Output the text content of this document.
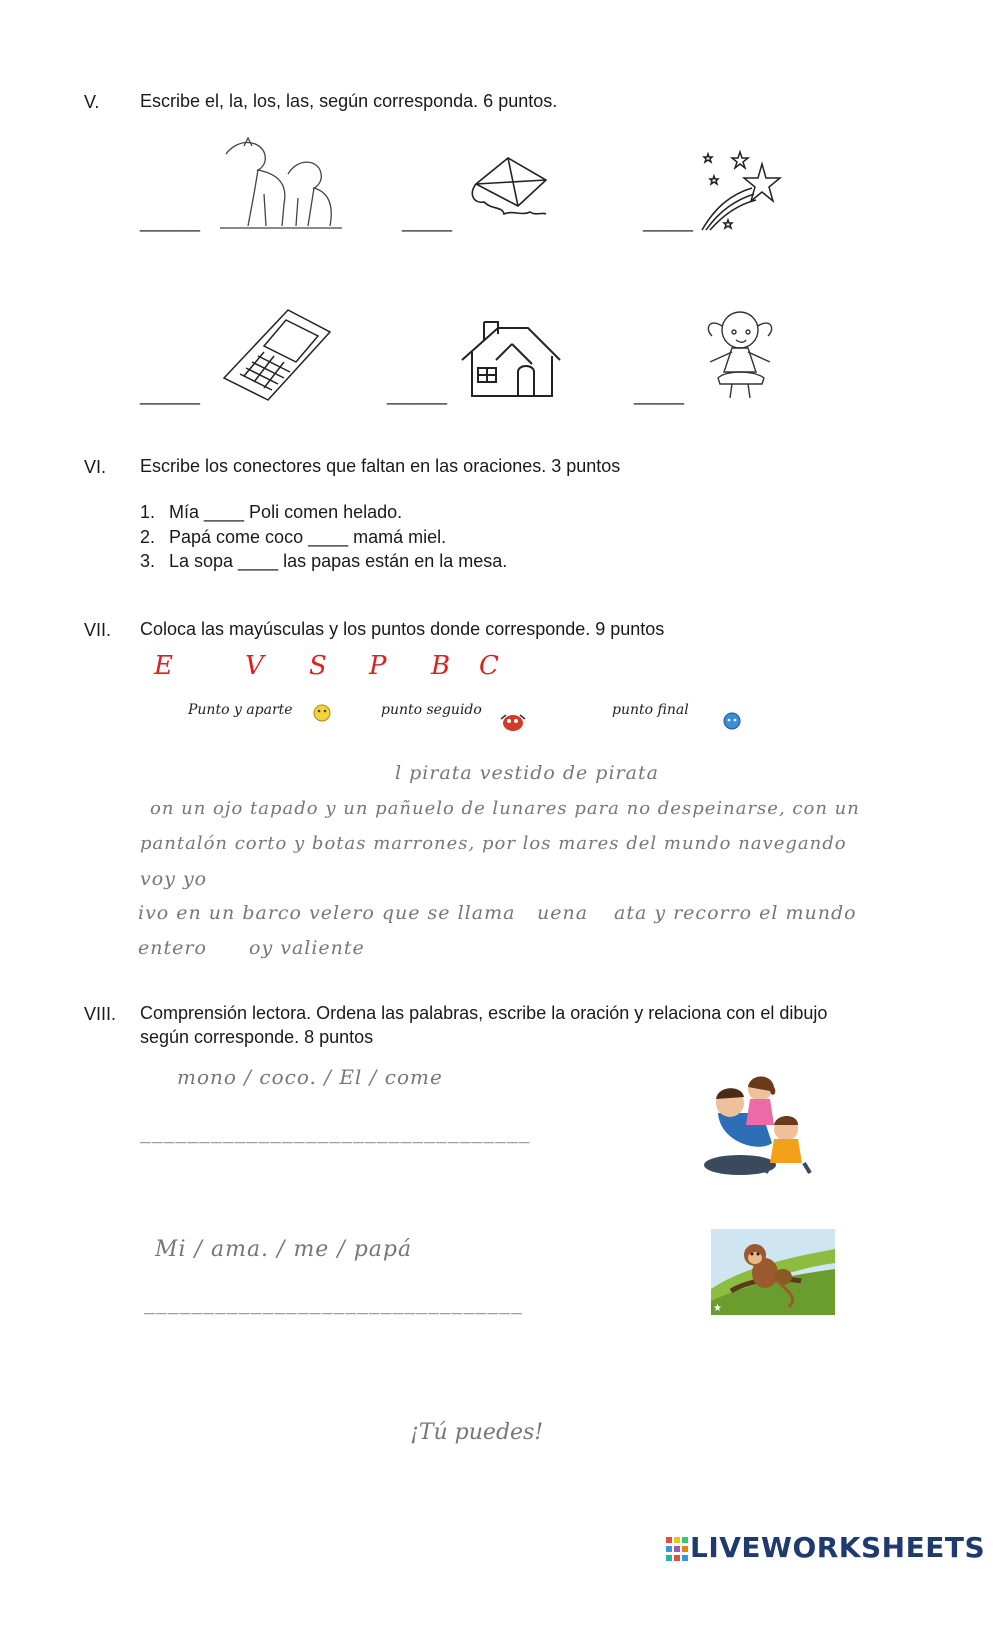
V. Escribe el, la, los, las, según corresponda. 6 puntos.
______	_____	_____
______	______	_____
VI. Escribe los conectores que faltan en las oraciones. 3 puntos
1. Mía ____ Poli comen helado.
2. Papá come coco ____ mamá miel.
3. La sopa ____ las papas están en la mesa.
VII. Coloca las mayúsculas y los puntos donde corresponde. 9 puntos
E	V S P B C
Punto y aparte	punto seguido	punto final
l pirata vestido de pirata
on un ojo tapado y un pañuelo de lunares para no despeinarse, con un
pantalón corto y botas marrones, por los mares del mundo navegando
voy yo
ivo en un barco velero que se llama uena ata y recorro el mundo
entero oy valiente
VIII. Comprensión lectora. Ordena las palabras, escribe la oración y relaciona con el dibujo
según corresponde. 8 puntos
mono / coco. / El / come
_________________________________
Mi / ama. / me / papá
________________________________	★
¡Tú puedes!
LIVEWORKSHEETS
